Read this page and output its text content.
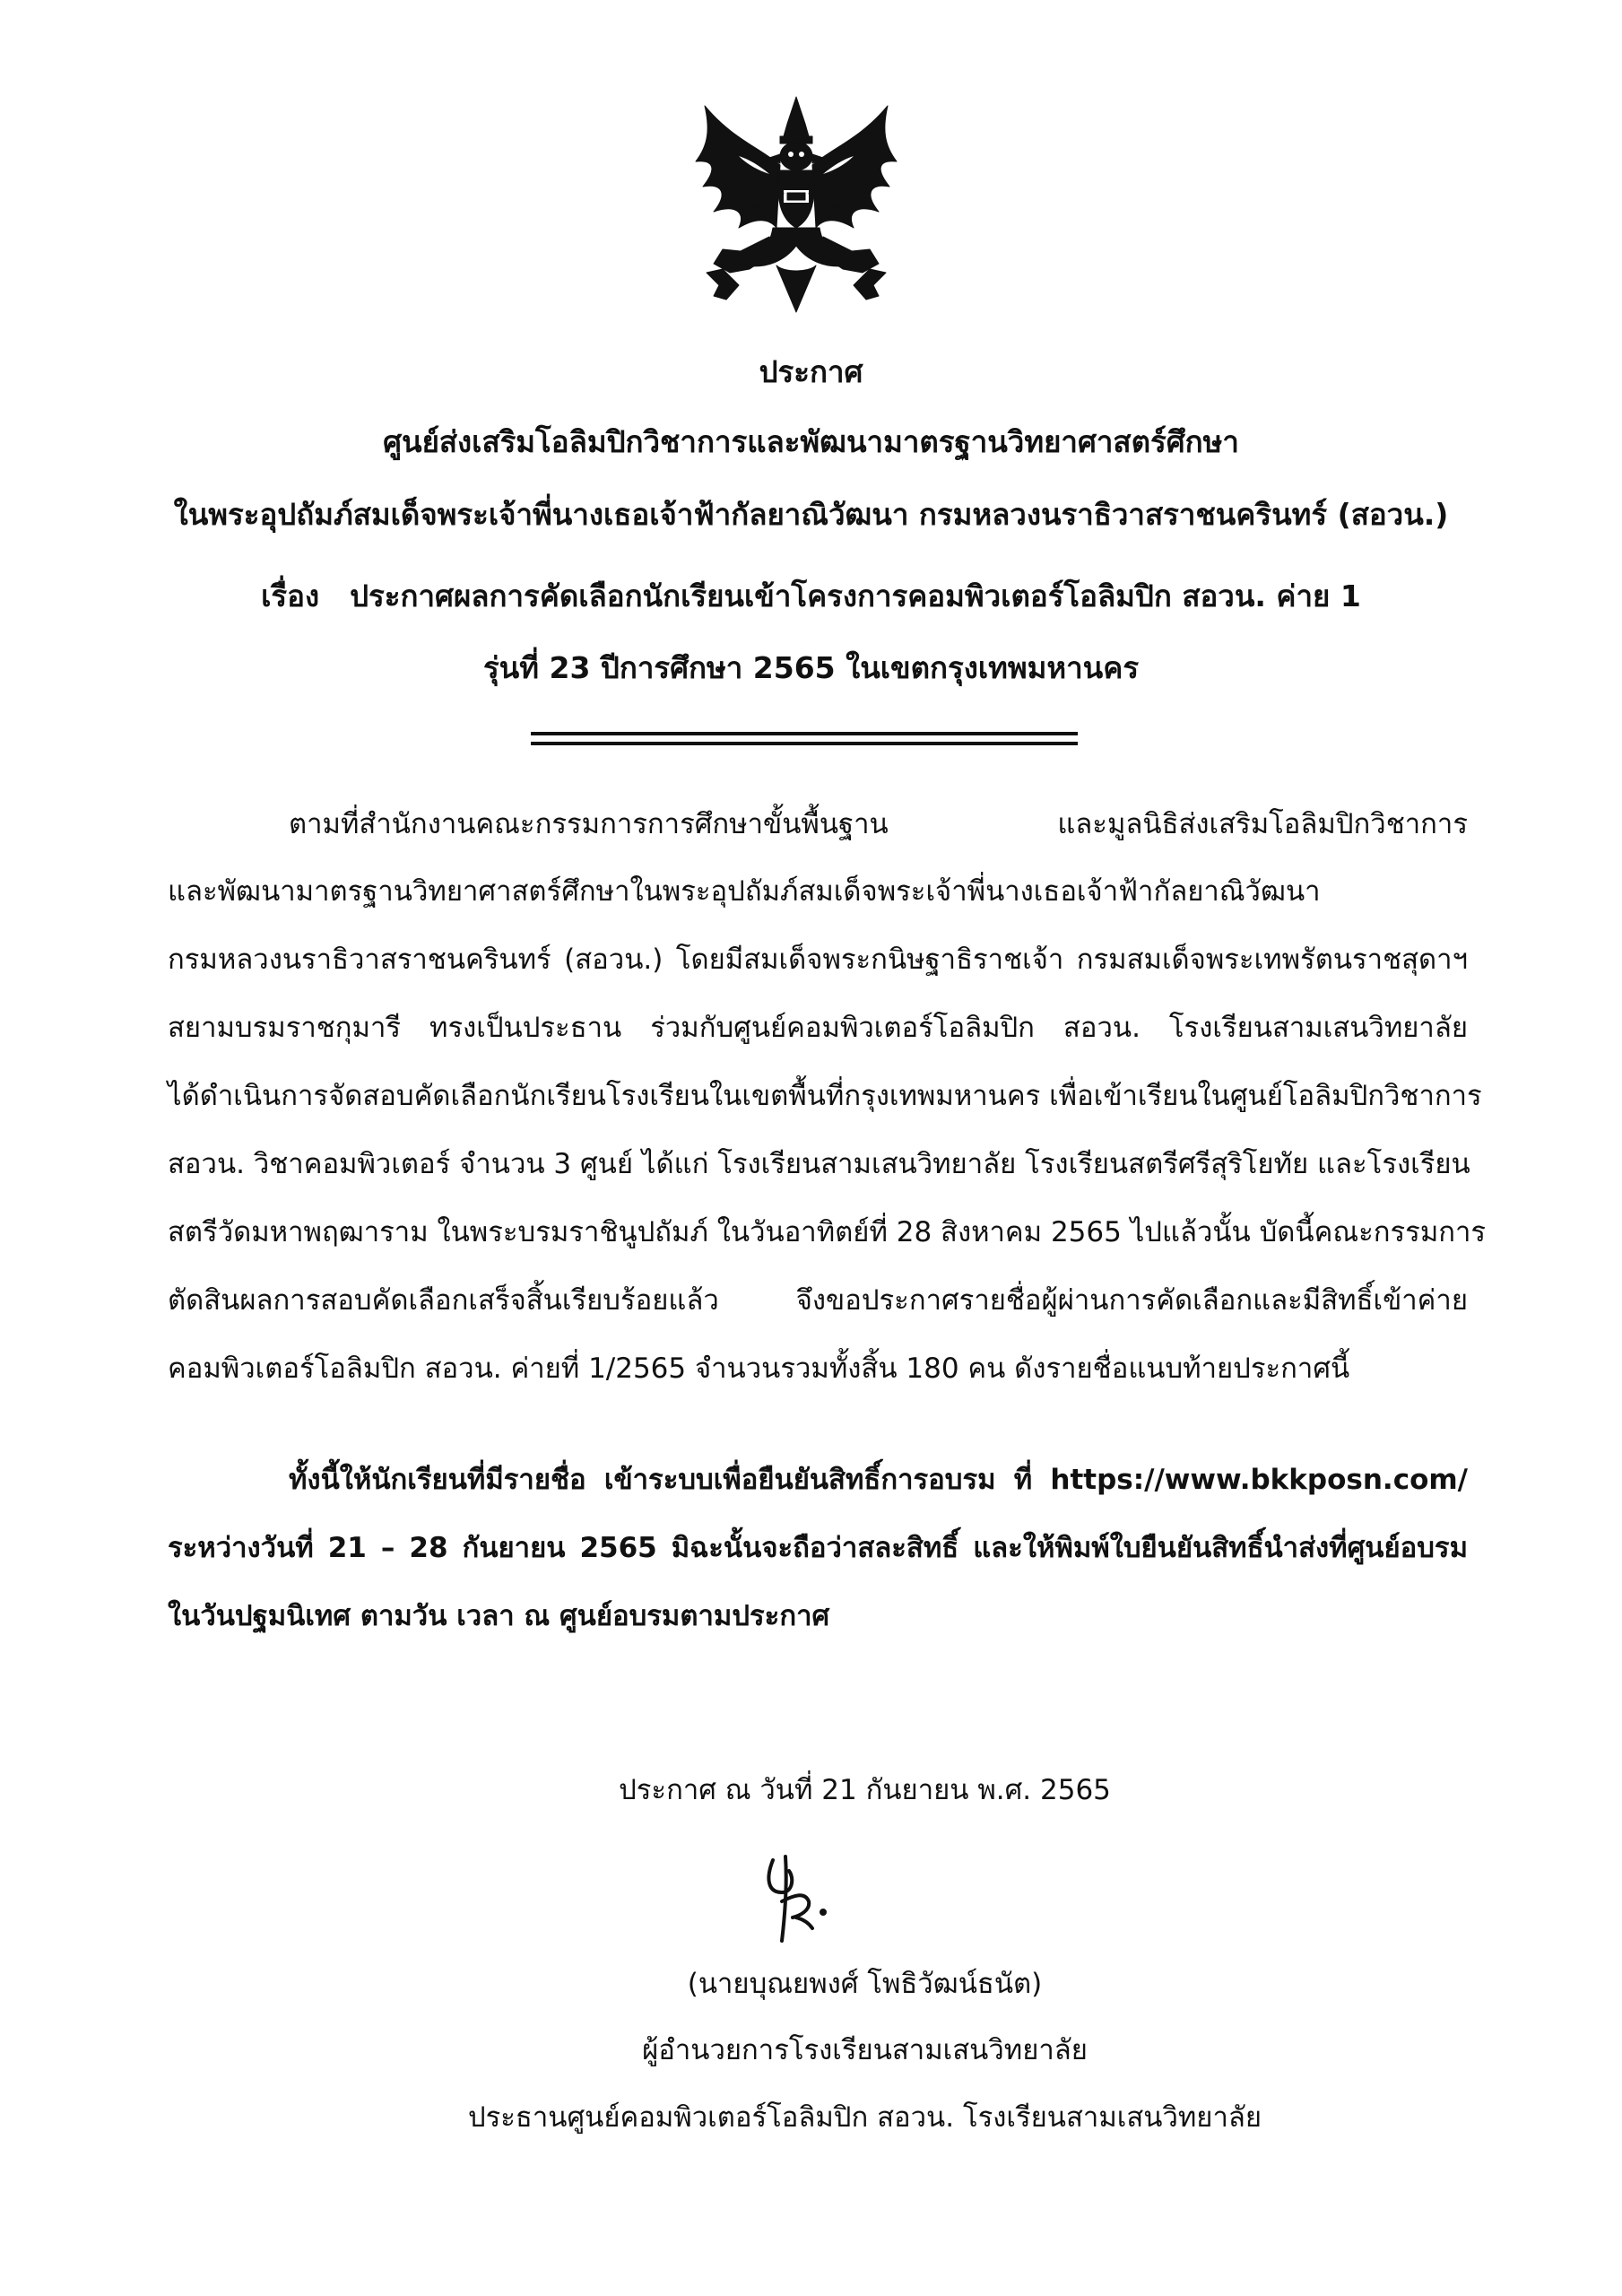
ประกาศ
ศูนย์ส่งเสริมโอลิมปิกวิชาการและพัฒนามาตรฐานวิทยาศาสตร์ศึกษา
ในพระอุปถัมภ์สมเด็จพระเจ้าพี่นางเธอเจ้าฟ้ากัลยาณิวัฒนา กรมหลวงนราธิวาสราชนครินทร์ (สอวน.)
เรื่อง ประกาศผลการคัดเลือกนักเรียนเข้าโครงการคอมพิวเตอร์โอลิมปิก สอวน. ค่าย 1
รุ่นที่ 23 ปีการศึกษา 2565 ในเขตกรุงเทพมหานคร
ตามที่สำนักงานคณะกรรมการการศึกษาขั้นพื้นฐาน และมูลนิธิส่งเสริมโอลิมปิกวิชาการ
และพัฒนามาตรฐานวิทยาศาสตร์ศึกษาในพระอุปถัมภ์สมเด็จพระเจ้าพี่นางเธอเจ้าฟ้ากัลยาณิวัฒนา
กรมหลวงนราธิวาสราชนครินทร์ (สอวน.) โดยมีสมเด็จพระกนิษฐาธิราชเจ้า กรมสมเด็จพระเทพรัตนราชสุดาฯ
สยามบรมราชกุมารี ทรงเป็นประธาน ร่วมกับศูนย์คอมพิวเตอร์โอลิมปิก สอวน. โรงเรียนสามเสนวิทยาลัย
ได้ดำเนินการจัดสอบคัดเลือกนักเรียนโรงเรียนในเขตพื้นที่กรุงเทพมหานคร เพื่อเข้าเรียนในศูนย์โอลิมปิกวิชาการ
สอวน. วิชาคอมพิวเตอร์ จำนวน 3 ศูนย์ ได้แก่ โรงเรียนสามเสนวิทยาลัย โรงเรียนสตรีศรีสุริโยทัย และโรงเรียน
สตรีวัดมหาพฤฒาราม ในพระบรมราชินูปถัมภ์ ในวันอาทิตย์ที่ 28 สิงหาคม 2565 ไปแล้วนั้น บัดนี้คณะกรรมการ
ตัดสินผลการสอบคัดเลือกเสร็จสิ้นเรียบร้อยแล้ว จึงขอประกาศรายชื่อผู้ผ่านการคัดเลือกและมีสิทธิ์เข้าค่าย
คอมพิวเตอร์โอลิมปิก สอวน. ค่ายที่ 1/2565 จำนวนรวมทั้งสิ้น 180 คน ดังรายชื่อแนบท้ายประกาศนี้
ทั้งนี้ให้นักเรียนที่มีรายชื่อ เข้าระบบเพื่อยืนยันสิทธิ์การอบรม ที่ https://www.bkkposn.com/
ระหว่างวันที่ 21 – 28 กันยายน 2565 มิฉะนั้นจะถือว่าสละสิทธิ์ และให้พิมพ์ใบยืนยันสิทธิ์นำส่งที่ศูนย์อบรม
ในวันปฐมนิเทศ ตามวัน เวลา ณ ศูนย์อบรมตามประกาศ
ประกาศ ณ วันที่ 21 กันยายน พ.ศ. 2565
(นายบุณยพงศ์ โพธิวัฒน์ธนัต)
ผู้อำนวยการโรงเรียนสามเสนวิทยาลัย
ประธานศูนย์คอมพิวเตอร์โอลิมปิก สอวน. โรงเรียนสามเสนวิทยาลัย
